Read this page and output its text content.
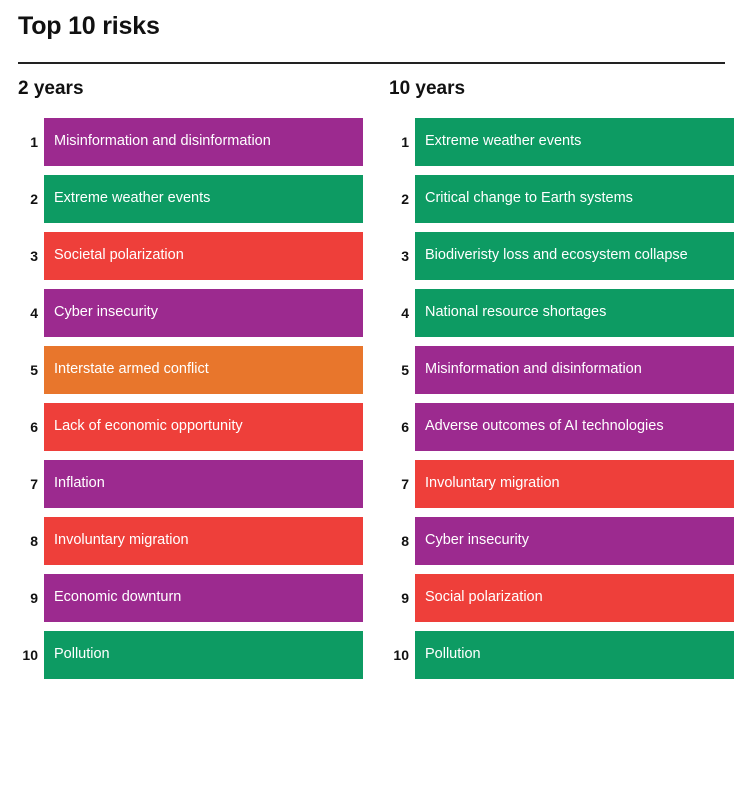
Top 10 risks
2 years
1	Misinformation and disinformation
2	Extreme weather events
3	Societal polarization
4	Cyber insecurity
5	Interstate armed conflict
6	Lack of economic opportunity
7	Inflation
8	Involuntary migration
9	Economic downturn
10	Pollution
10 years
1	Extreme weather events
2	Critical change to Earth systems
3	Biodiveristy loss and ecosystem collapse
4	National resource shortages
5	Misinformation and disinformation
6	Adverse outcomes of AI technologies
7	Involuntary migration
8	Cyber insecurity
9	Social polarization
10	Pollution
